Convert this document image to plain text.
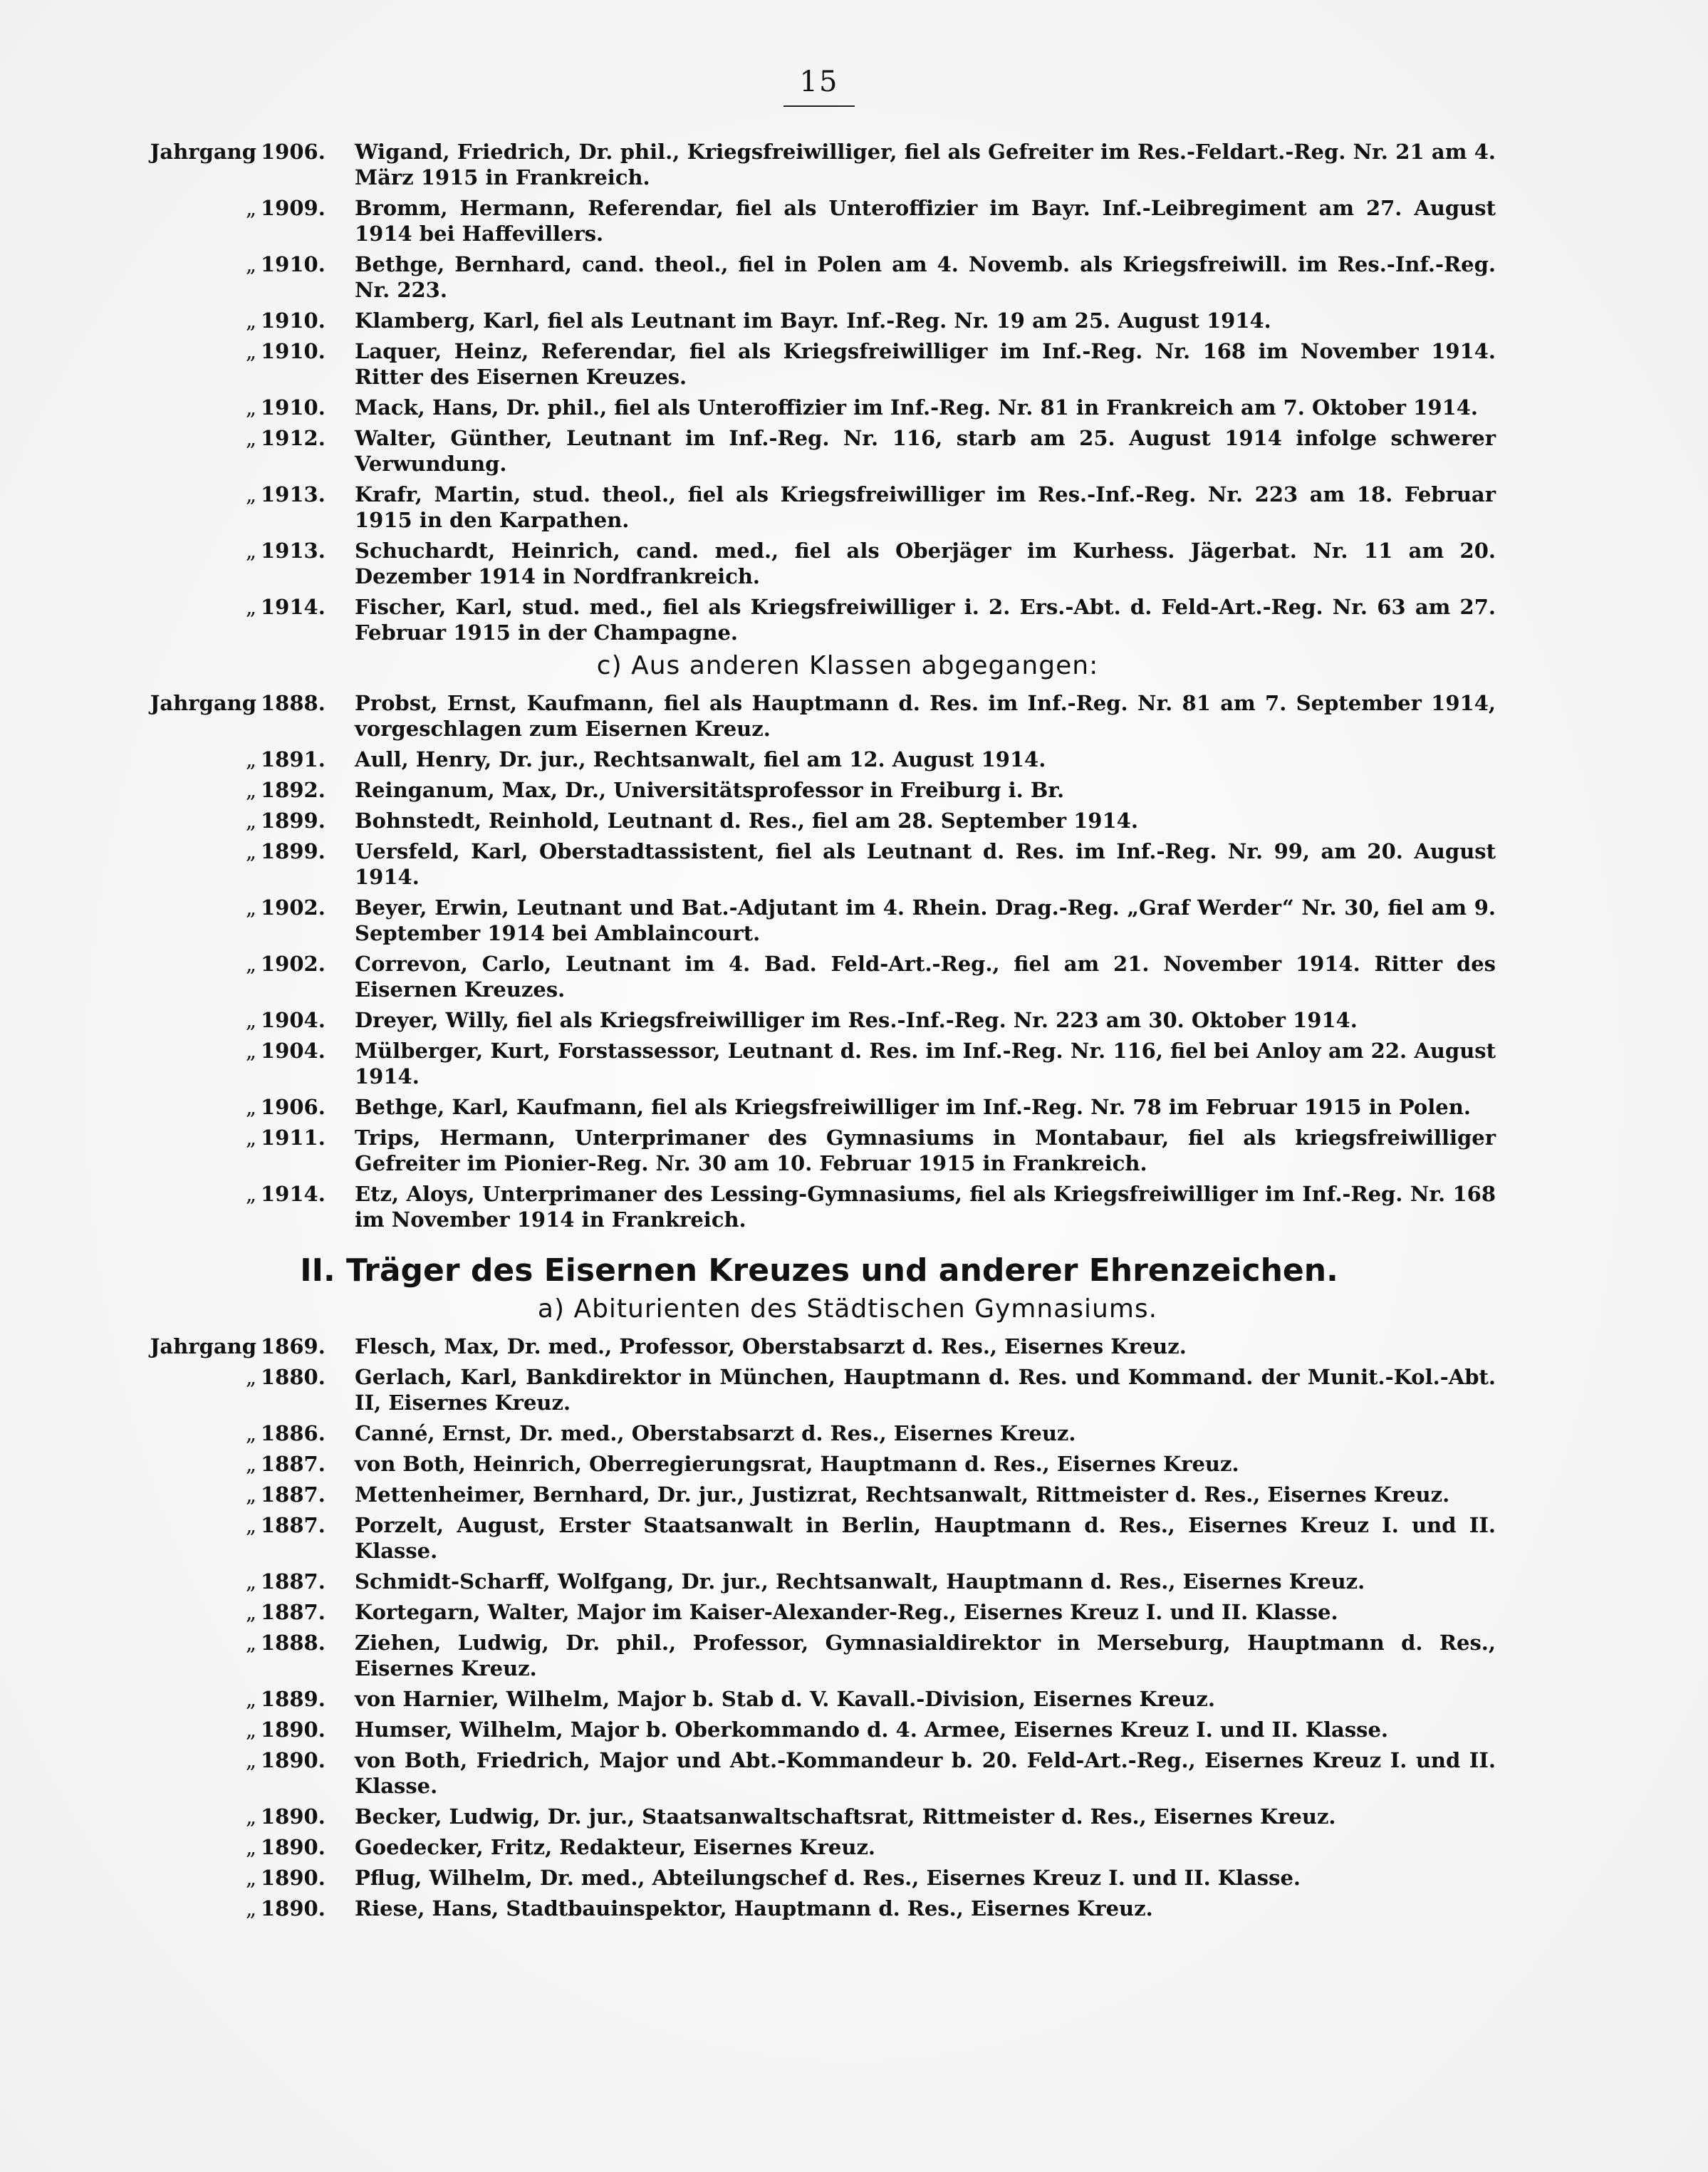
15
Jahrgang 1906.	Wigand, Friedrich, Dr. phil., Kriegsfreiwilliger, fiel als Gefreiter im Res.-Feldart.-Reg. Nr. 21 am 4. März 1915 in Frankreich.
„ 1909.	Bromm, Hermann, Referendar, fiel als Unteroffizier im Bayr. Inf.-Leibregiment am 27. August 1914 bei Haffevillers.
„ 1910.	Bethge, Bernhard, cand. theol., fiel in Polen am 4. Novemb. als Kriegsfreiwill. im Res.-Inf.-Reg. Nr. 223.
„ 1910.	Klamberg, Karl, fiel als Leutnant im Bayr. Inf.-Reg. Nr. 19 am 25. August 1914.
„ 1910.	Laquer, Heinz, Referendar, fiel als Kriegsfreiwilliger im Inf.-Reg. Nr. 168 im November 1914. Ritter des Eisernen Kreuzes.
„ 1910.	Mack, Hans, Dr. phil., fiel als Unteroffizier im Inf.-Reg. Nr. 81 in Frankreich am 7. Oktober 1914.
„ 1912.	Walter, Günther, Leutnant im Inf.-Reg. Nr. 116, starb am 25. August 1914 infolge schwerer Verwundung.
„ 1913.	Krafr, Martin, stud. theol., fiel als Kriegsfreiwilliger im Res.-Inf.-Reg. Nr. 223 am 18. Februar 1915 in den Karpathen.
„ 1913.	Schuchardt, Heinrich, cand. med., fiel als Oberjäger im Kurhess. Jägerbat. Nr. 11 am 20. Dezember 1914 in Nordfrankreich.
„ 1914.	Fischer, Karl, stud. med., fiel als Kriegsfreiwilliger i. 2. Ers.-Abt. d. Feld-Art.-Reg. Nr. 63 am 27. Februar 1915 in der Champagne.
c) Aus anderen Klassen abgegangen:
Jahrgang 1888.	Probst, Ernst, Kaufmann, fiel als Hauptmann d. Res. im Inf.-Reg. Nr. 81 am 7. September 1914, vorgeschlagen zum Eisernen Kreuz.
„ 1891.	Aull, Henry, Dr. jur., Rechtsanwalt, fiel am 12. August 1914.
„ 1892.	Reinganum, Max, Dr., Universitätsprofessor in Freiburg i. Br.
„ 1899.	Bohnstedt, Reinhold, Leutnant d. Res., fiel am 28. September 1914.
„ 1899.	Uersfeld, Karl, Oberstadtassistent, fiel als Leutnant d. Res. im Inf.-Reg. Nr. 99, am 20. August 1914.
„ 1902.	Beyer, Erwin, Leutnant und Bat.-Adjutant im 4. Rhein. Drag.-Reg. „Graf Werder“ Nr. 30, fiel am 9. September 1914 bei Amblaincourt.
„ 1902.	Correvon, Carlo, Leutnant im 4. Bad. Feld-Art.-Reg., fiel am 21. November 1914. Ritter des Eisernen Kreuzes.
„ 1904.	Dreyer, Willy, fiel als Kriegsfreiwilliger im Res.-Inf.-Reg. Nr. 223 am 30. Oktober 1914.
„ 1904.	Mülberger, Kurt, Forstassessor, Leutnant d. Res. im Inf.-Reg. Nr. 116, fiel bei Anloy am 22. August 1914.
„ 1906.	Bethge, Karl, Kaufmann, fiel als Kriegsfreiwilliger im Inf.-Reg. Nr. 78 im Februar 1915 in Polen.
„ 1911.	Trips, Hermann, Unterprimaner des Gymnasiums in Montabaur, fiel als kriegsfreiwilliger Gefreiter im Pionier-Reg. Nr. 30 am 10. Februar 1915 in Frankreich.
„ 1914.	Etz, Aloys, Unterprimaner des Lessing-Gymnasiums, fiel als Kriegsfreiwilliger im Inf.-Reg. Nr. 168 im November 1914 in Frankreich.
II. Träger des Eisernen Kreuzes und anderer Ehrenzeichen.
a) Abiturienten des Städtischen Gymnasiums.
Jahrgang 1869.	Flesch, Max, Dr. med., Professor, Oberstabsarzt d. Res., Eisernes Kreuz.
„ 1880.	Gerlach, Karl, Bankdirektor in München, Hauptmann d. Res. und Kommand. der Munit.-Kol.-Abt. II, Eisernes Kreuz.
„ 1886.	Canné, Ernst, Dr. med., Oberstabsarzt d. Res., Eisernes Kreuz.
„ 1887.	von Both, Heinrich, Oberregierungsrat, Hauptmann d. Res., Eisernes Kreuz.
„ 1887.	Mettenheimer, Bernhard, Dr. jur., Justizrat, Rechtsanwalt, Rittmeister d. Res., Eisernes Kreuz.
„ 1887.	Porzelt, August, Erster Staatsanwalt in Berlin, Hauptmann d. Res., Eisernes Kreuz I. und II. Klasse.
„ 1887.	Schmidt-Scharff, Wolfgang, Dr. jur., Rechtsanwalt, Hauptmann d. Res., Eisernes Kreuz.
„ 1887.	Kortegarn, Walter, Major im Kaiser-Alexander-Reg., Eisernes Kreuz I. und II. Klasse.
„ 1888.	Ziehen, Ludwig, Dr. phil., Professor, Gymnasialdirektor in Merseburg, Hauptmann d. Res., Eisernes Kreuz.
„ 1889.	von Harnier, Wilhelm, Major b. Stab d. V. Kavall.-Division, Eisernes Kreuz.
„ 1890.	Humser, Wilhelm, Major b. Oberkommando d. 4. Armee, Eisernes Kreuz I. und II. Klasse.
„ 1890.	von Both, Friedrich, Major und Abt.-Kommandeur b. 20. Feld-Art.-Reg., Eisernes Kreuz I. und II. Klasse.
„ 1890.	Becker, Ludwig, Dr. jur., Staatsanwaltschaftsrat, Rittmeister d. Res., Eisernes Kreuz.
„ 1890.	Goedecker, Fritz, Redakteur, Eisernes Kreuz.
„ 1890.	Pflug, Wilhelm, Dr. med., Abteilungschef d. Res., Eisernes Kreuz I. und II. Klasse.
„ 1890.	Riese, Hans, Stadtbauinspektor, Hauptmann d. Res., Eisernes Kreuz.
